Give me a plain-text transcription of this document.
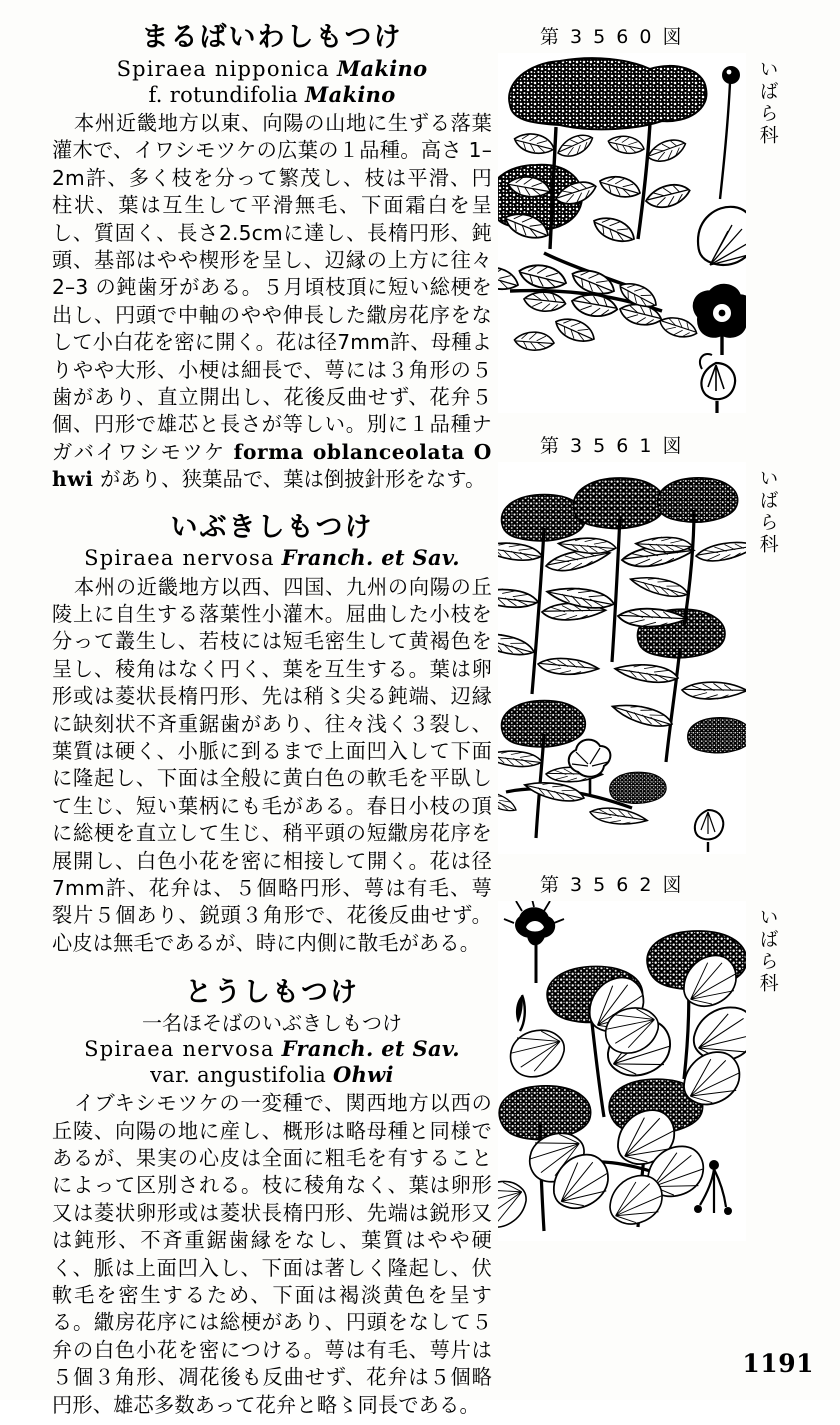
まるばいわしもつけ
Spiraea nipponica Makino
f. rotundifolia Makino

本州近畿地方以東、向陽の山地に生ずる落葉灌木で、イワシモツケの広葉の１品種。高さ 1–2m許、多く枝を分って繁茂し、枝は平滑、円柱状、葉は互生して平滑無毛、下面霜白を呈し、質固く、長さ2.5cmに達し、長楕円形、鈍頭、基部はやや楔形を呈し、辺縁の上方に往々 2–3 の鈍歯牙がある。５月頃枝頂に短い総梗を出し、円頭で中軸のやや伸長した繖房花序をなして小白花を密に開く。花は径7mm許、母種よりやや大形、小梗は細長で、萼には３角形の５歯があり、直立開出し、花後反曲せず、花弁５個、円形で雄芯と長さが等しい。別に１品種ナガバイワシモツケ forma oblanceolata Ohwi があり、狭葉品で、葉は倒披針形をなす。

いぶきしもつけ
Spiraea nervosa Franch. et Sav.

本州の近畿地方以西、四国、九州の向陽の丘陵上に自生する落葉性小灌木。屈曲した小枝を分って叢生し、若枝には短毛密生して黄褐色を呈し、稜角はなく円く、葉を互生する。葉は卵形或は菱状長楕円形、先は稍〻尖る鈍端、辺縁に缺刻状不斉重鋸歯があり、往々浅く３裂し、葉質は硬く、小脈に到るまで上面凹入して下面に隆起し、下面は全般に黄白色の軟毛を平臥して生じ、短い葉柄にも毛がある。春日小枝の頂に総梗を直立して生じ、稍平頭の短繖房花序を展開し、白色小花を密に相接して開く。花は径7mm許、花弁は、５個略円形、萼は有毛、萼裂片５個あり、鋭頭３角形で、花後反曲せず。心皮は無毛であるが、時に内側に散毛がある。

とうしもつけ
一名ほそばのいぶきしもつけ
Spiraea nervosa Franch. et Sav.
var. angustifolia Ohwi

イブキシモツケの一変種で、関西地方以西の丘陵、向陽の地に産し、概形は略母種と同様であるが、果実の心皮は全面に粗毛を有することによって区別される。枝に稜角なく、葉は卵形又は菱状卵形或は菱状長楕円形、先端は鋭形又は鈍形、不斉重鋸歯縁をなし、葉質はやや硬く、脈は上面凹入し、下面は著しく隆起し、伏軟毛を密生するため、下面は褐淡黄色を呈する。繖房花序には総梗があり、円頭をなして５弁の白色小花を密につける。萼は有毛、萼片は５個３角形、凋花後も反曲せず、花弁は５個略円形、雄芯多数あって花弁と略〻同長である。

第 3 5 6 0 図
いばら科
第 3 5 6 1 図
いばら科
第 3 5 6 2 図
いばら科
1191
